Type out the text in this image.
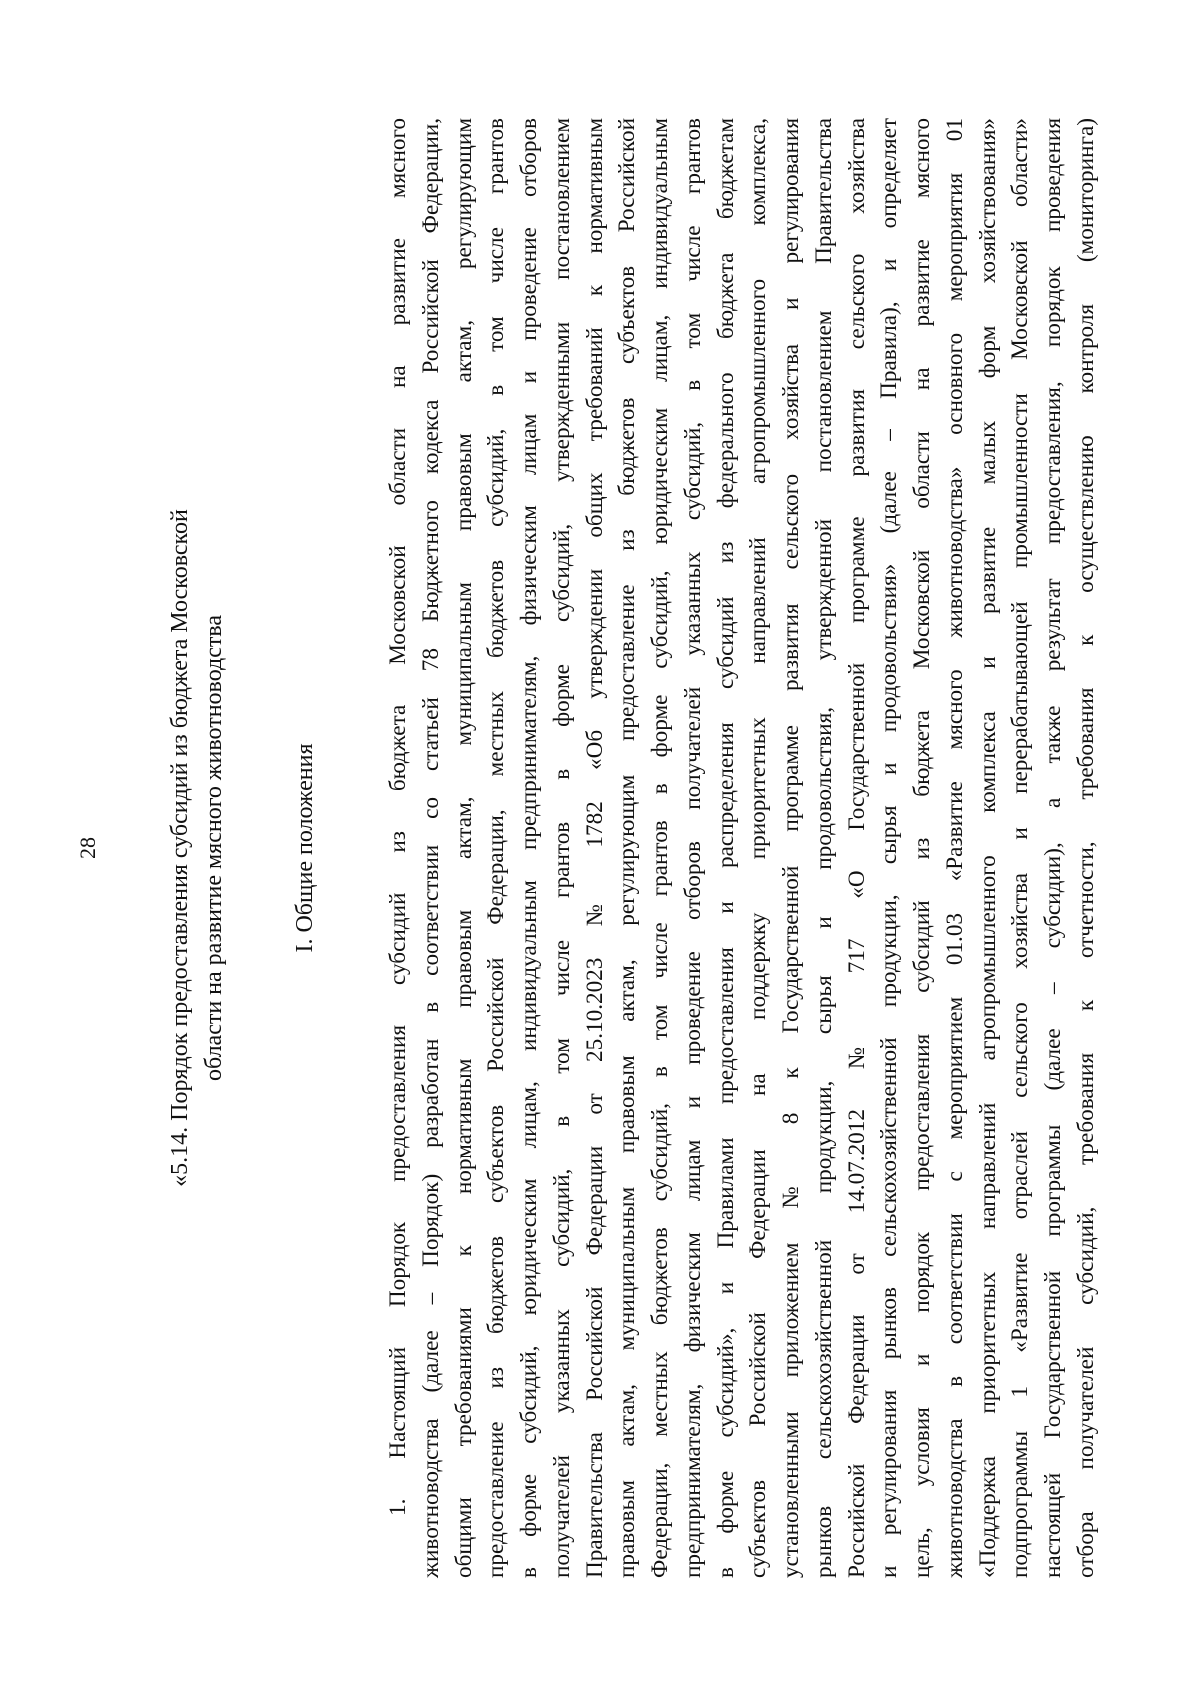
28	«5.14. Порядок предоставления субсидий из бюджета Московской области на развитие мясного животноводства	I. Общие положения	1. Настоящий Порядок предоставления субсидий из бюджета Московской области на развитие мясного животноводства (далее – Порядок) разработан в соответствии со статьей 78 Бюджетного кодекса Российской Федерации, общими требованиями к нормативным правовым актам, муниципальным правовым актам, регулирующим предоставление из бюджетов субъектов Российской Федерации, местных бюджетов субсидий, в том числе грантов в форме субсидий, юридическим лицам, индивидуальным предпринимателям, физическим лицам и проведение отборов получателей указанных субсидий, в том числе грантов в форме субсидий, утвержденными постановлением Правительства Российской Федерации от 25.10.2023 № 1782 «Об утверждении общих требований к нормативным правовым актам, муниципальным правовым актам, регулирующим предоставление из бюджетов субъектов Российской Федерации, местных бюджетов субсидий, в том числе грантов в форме субсидий, юридическим лицам, индивидуальным предпринимателям, физическим лицам и проведение отборов получателей указанных субсидий, в том числе грантов в форме субсидий», и Правилами предоставления и распределения субсидий из федерального бюджета бюджетам субъектов Российской Федерации на поддержку приоритетных направлений агропромышленного комплекса, установленными приложением № 8 к Государственной программе развития сельского хозяйства и регулирования рынков сельскохозяйственной продукции, сырья и продовольствия, утвержденной постановлением Правительства Российской Федерации от 14.07.2012 № 717 «О Государственной программе развития сельского хозяйства и регулирования рынков сельскохозяйственной продукции, сырья и продовольствия» (далее – Правила), и определяет цель, условия и порядок предоставления субсидий из бюджета Московской области на развитие мясного животноводства в соответствии с мероприятием 01.03 «Развитие мясного животноводства» основного мероприятия 01 «Поддержка приоритетных направлений агропромышленного комплекса и развитие малых форм хозяйствования» подпрограммы 1 «Развитие отраслей сельского хозяйства и перерабатывающей промышленности Московской области» настоящей Государственной программы (далее – субсидии), а также результат предоставления, порядок проведения отбора получателей субсидий, требования к отчетности, требования к осуществлению контроля (мониторинга)
